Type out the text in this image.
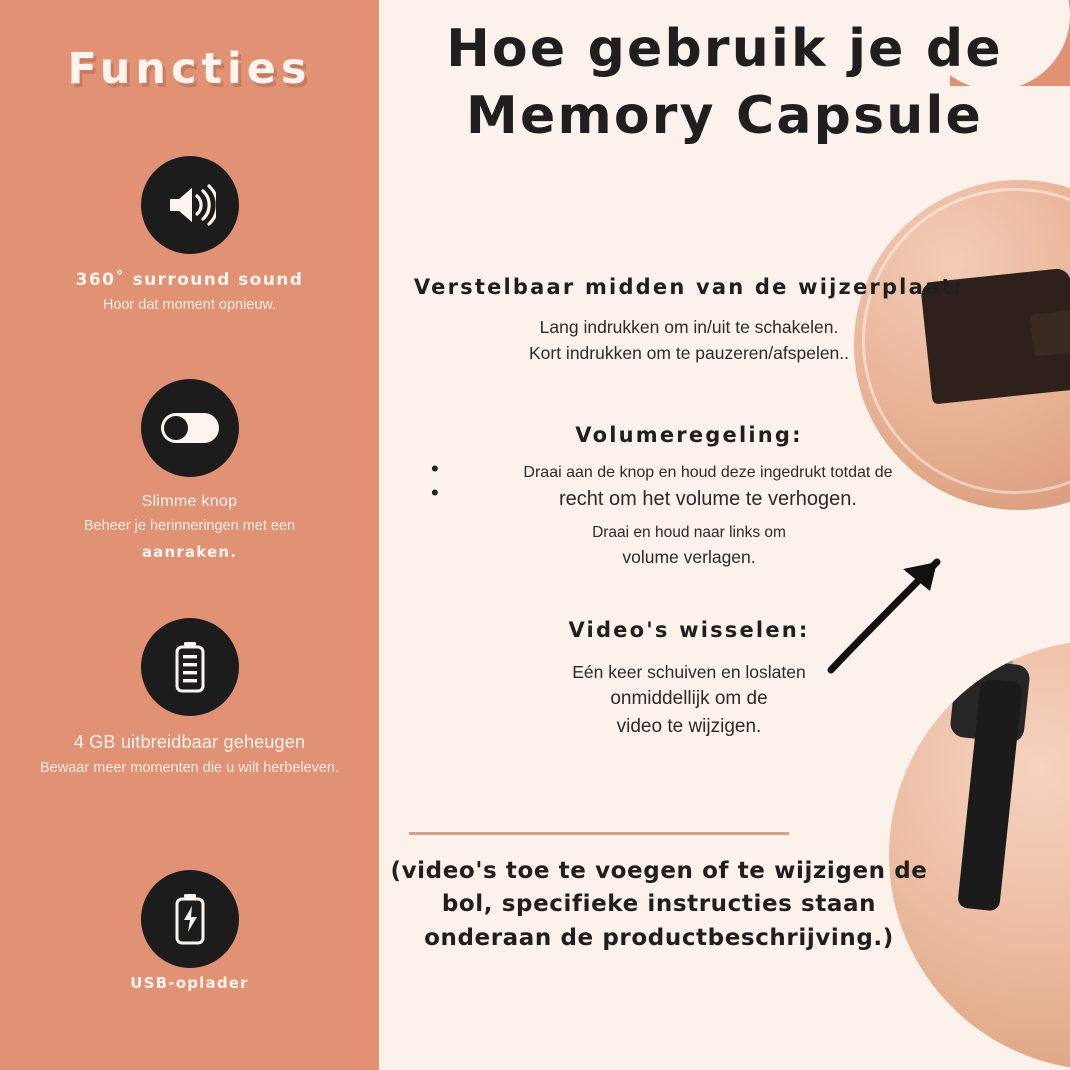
Functies
360˚ surround sound
Hoor dat moment opnieuw.
Slimme knop
Beheer je herinneringen met een
aanraken.
4 GB uitbreidbaar geheugen
Bewaar meer momenten die u wilt herbeleven.
USB-oplader
Hoe gebruik je de Memory Capsule
Verstelbaar midden van de wijzerplaat:
Lang indrukken om in/uit te schakelen.
Kort indrukken om te pauzeren/afspelen..
Volumeregeling:
• Draai aan de knop en houd deze ingedrukt totdat de
• recht om het volume te verhogen.
Draai en houd naar links om
volume verlagen.
Video's wisselen:
Eén keer schuiven en loslaten
onmiddellijk om de
video te wijzigen.
(video's toe te voegen of te wijzigen de bol, specifieke instructies staan onderaan de productbeschrijving.)
